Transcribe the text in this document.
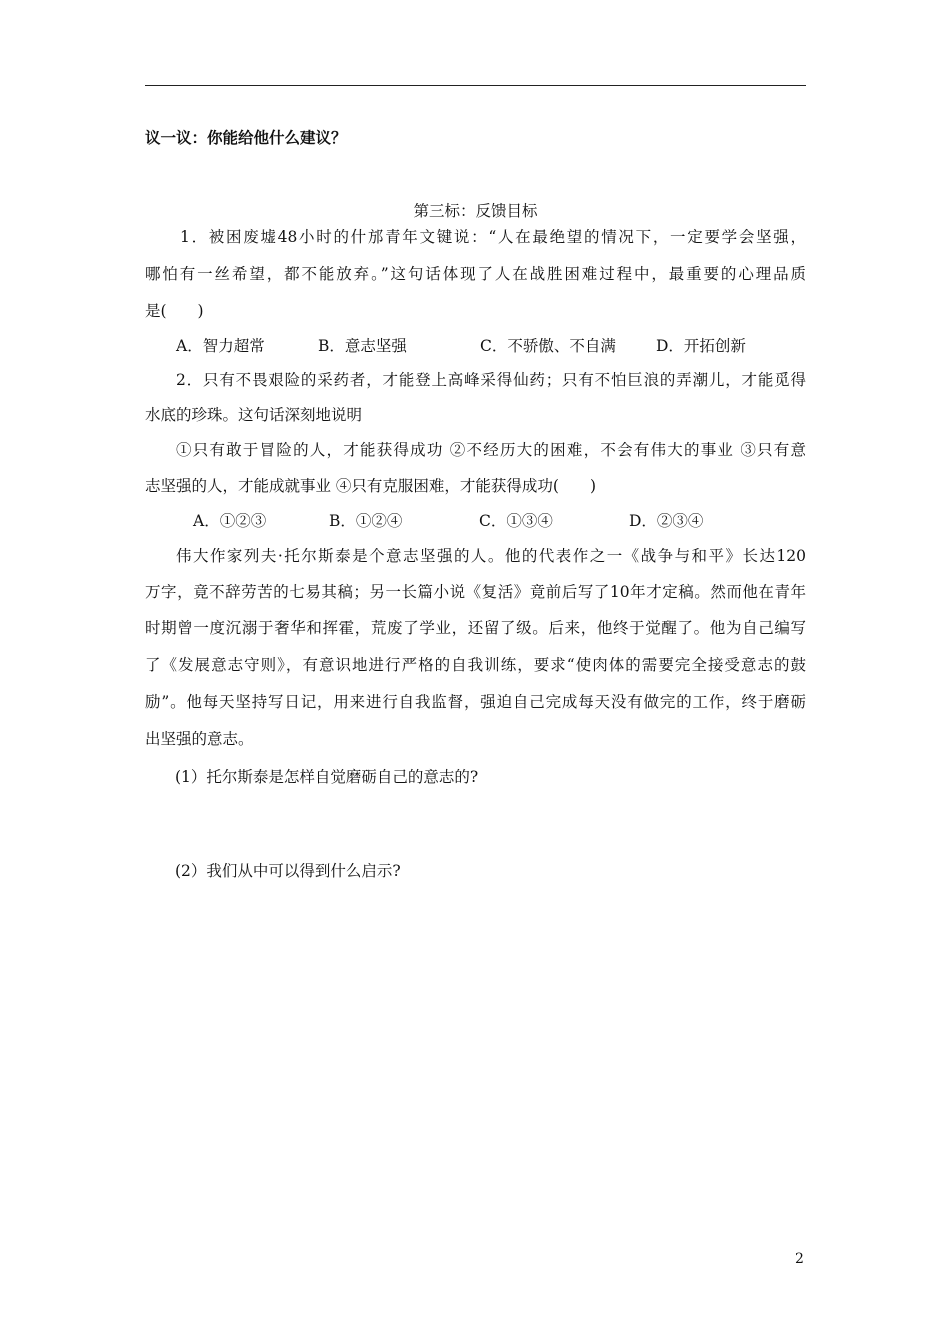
议一议：你能给他什么建议？
第三标：反馈目标
1．被困废墟48小时的什邡青年文键说：“人在最绝望的情况下，一定要学会坚强，
哪怕有一丝希望，都不能放弃。”这句话体现了人在战胜困难过程中，最重要的心理品质
是(　　)
A．智力超常	B．意志坚强	C．不骄傲、不自满	D．开拓创新
2．只有不畏艰险的采药者，才能登上高峰采得仙药；只有不怕巨浪的弄潮儿，才能觅得
水底的珍珠。这句话深刻地说明
①只有敢于冒险的人，才能获得成功 ②不经历大的困难，不会有伟大的事业 ③只有意
志坚强的人，才能成就事业 ④只有克服困难，才能获得成功(　　)
A．①②③	B．①②④	C．①③④	D．②③④
伟大作家列夫·托尔斯泰是个意志坚强的人。他的代表作之一《战争与和平》长达120
万字，竟不辞劳苦的七易其稿；另一长篇小说《复活》竟前后写了10年才定稿。然而他在青年
时期曾一度沉溺于奢华和挥霍，荒废了学业，还留了级。后来，他终于觉醒了。他为自己编写
了《发展意志守则》，有意识地进行严格的自我训练，要求“使肉体的需要完全接受意志的鼓
励”。他每天坚持写日记，用来进行自我监督，强迫自己完成每天没有做完的工作，终于磨砺
出坚强的意志。
(1）托尔斯泰是怎样自觉磨砺自己的意志的?
(2）我们从中可以得到什么启示?
2
